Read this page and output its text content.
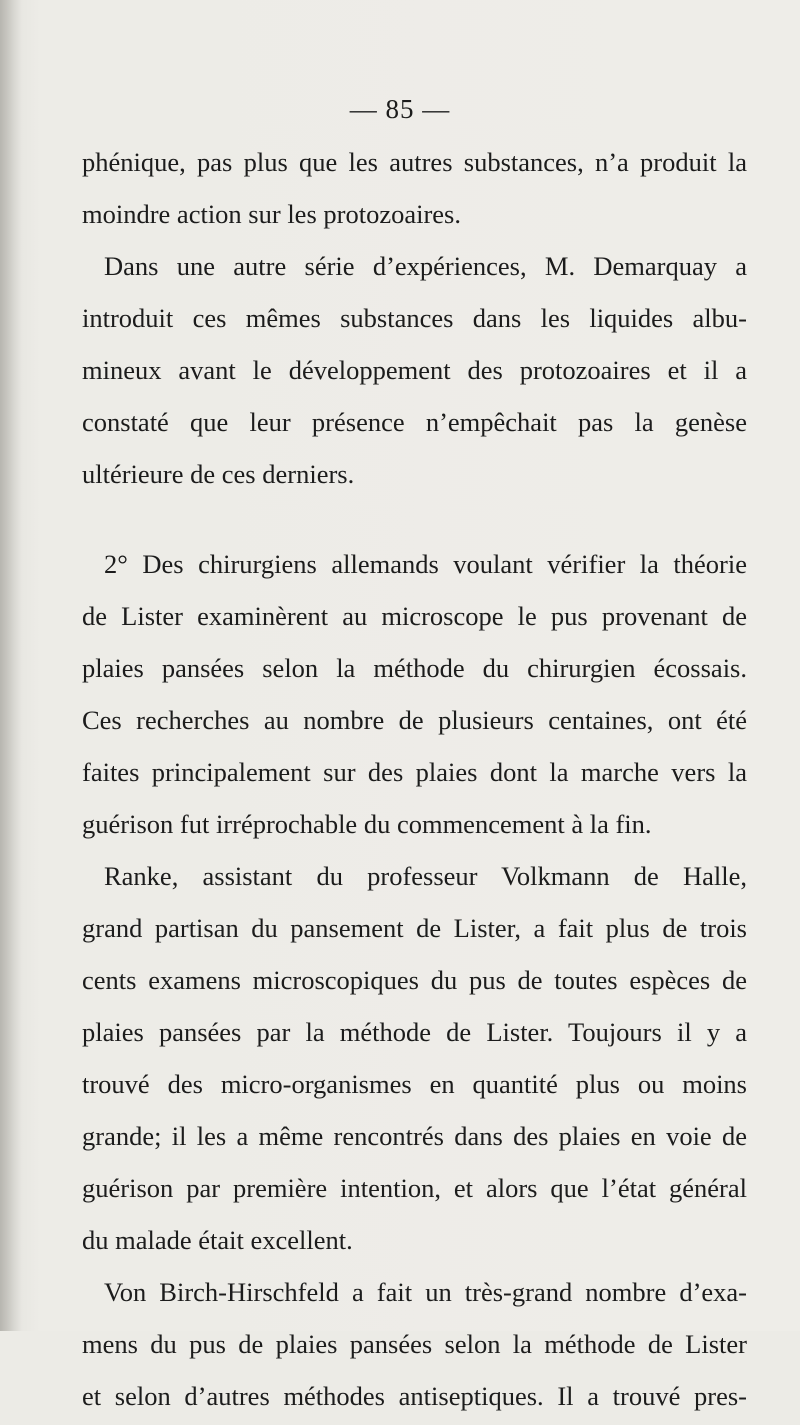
— 85 —
phénique, pas plus que les autres substances, n’a produit la
moindre action sur les protozoaires.
Dans une autre série d’expériences, M. Demarquay a
introduit ces mêmes substances dans les liquides albu-
mineux avant le développement des protozoaires et il a
constaté que leur présence n’empêchait pas la genèse
ultérieure de ces derniers.
2° Des chirurgiens allemands voulant vérifier la théorie
de Lister examinèrent au microscope le pus provenant de
plaies pansées selon la méthode du chirurgien écossais.
Ces recherches au nombre de plusieurs centaines, ont été
faites principalement sur des plaies dont la marche vers la
guérison fut irréprochable du commencement à la fin.
Ranke, assistant du professeur Volkmann de Halle,
grand partisan du pansement de Lister, a fait plus de trois
cents examens microscopiques du pus de toutes espèces de
plaies pansées par la méthode de Lister. Toujours il y a
trouvé des micro-organismes en quantité plus ou moins
grande; il les a même rencontrés dans des plaies en voie de
guérison par première intention, et alors que l’état général
du malade était excellent.
Von Birch-Hirschfeld a fait un très-grand nombre d’exa-
mens du pus de plaies pansées selon la méthode de Lister
et selon d’autres méthodes antiseptiques. Il a trouvé pres-
